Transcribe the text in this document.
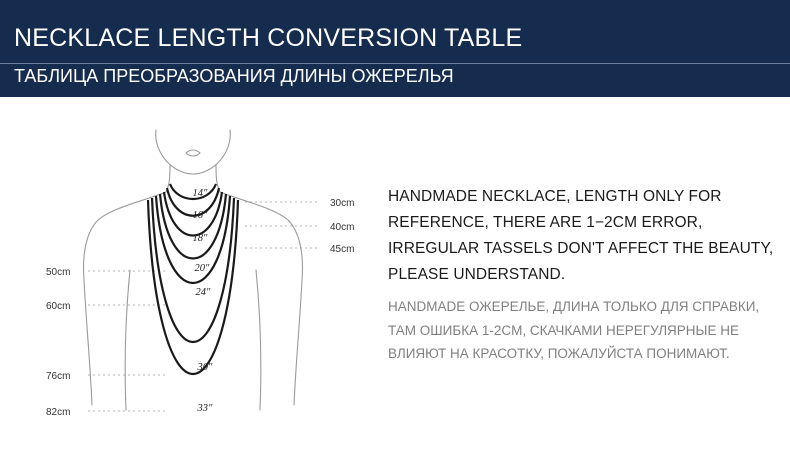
NECKLACE LENGTH CONVERSION TABLE
ТАБЛИЦА ПРЕОБРАЗОВАНИЯ ДЛИНЫ ОЖЕРЕЛЬЯ
14"
16"
18"
20"
24"
30"
33"
30cm
40cm
45cm
50cm
60cm
76cm
82cm
HANDMADE NECKLACE, LENGTH ONLY FOR REFERENCE, THERE ARE 1−2CM ERROR, IRREGULAR TASSELS DON'T AFFECT THE BEAUTY, PLEASE UNDERSTAND.
HANDMADE ОЖЕРЕЛЬЕ, ДЛИНА ТОЛЬКО ДЛЯ СПРАВКИ, ТАМ ОШИБКА 1-2CM, СКАЧКАМИ НЕРЕГУЛЯРНЫЕ НЕ ВЛИЯЮТ НА КРАСОТКУ, ПОЖАЛУЙСТА ПОНИМАЮТ.
